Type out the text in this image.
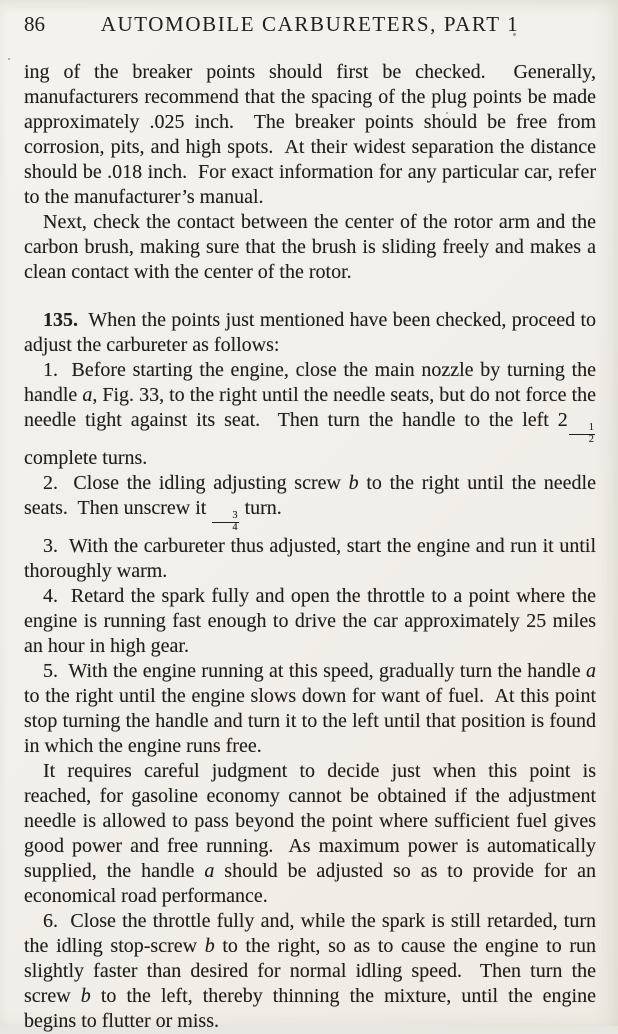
86	AUTOMOBILE CARBURETERS, PART 1

ing of the breaker points should first be checked.  Generally, manufacturers recommend that the spacing of the plug points be made approximately .025 inch.  The breaker points should be free from corrosion, pits, and high spots.  At their widest separation the distance should be .018 inch.  For exact information for any particular car, refer to the manufacturer’s manual.

Next, check the contact between the center of the rotor arm and the carbon brush, making sure that the brush is sliding freely and makes a clean contact with the center of the rotor.

135.  When the points just mentioned have been checked, proceed to adjust the carbureter as follows:

1.  Before starting the engine, close the main nozzle by turning the handle a, Fig. 33, to the right until the needle seats, but do not force the needle tight against its seat.  Then turn the handle to the left 2
$\frac{1}{2}$
complete turns.

2.  Close the idling adjusting screw b to the right until the needle seats.  Then unscrew it
$\frac{3}{4}$
turn.

3.  With the carbureter thus adjusted, start the engine and run it until thoroughly warm.

4.  Retard the spark fully and open the throttle to a point where the engine is running fast enough to drive the car approximately 25 miles an hour in high gear.

5.  With the engine running at this speed, gradually turn the handle a to the right until the engine slows down for want of fuel.  At this point stop turning the handle and turn it to the left until that position is found in which the engine runs free.

It requires careful judgment to decide just when this point is reached, for gasoline economy cannot be obtained if the adjustment needle is allowed to pass beyond the point where sufficient fuel gives good power and free running.  As maximum power is automatically supplied, the handle a should be adjusted so as to provide for an economical road performance.

6.  Close the throttle fully and, while the spark is still retarded, turn the idling stop-screw b to the right, so as to cause the engine to run slightly faster than desired for normal idling speed.  Then turn the screw b to the left, thereby thinning the mixture, until the engine begins to flutter or miss.
